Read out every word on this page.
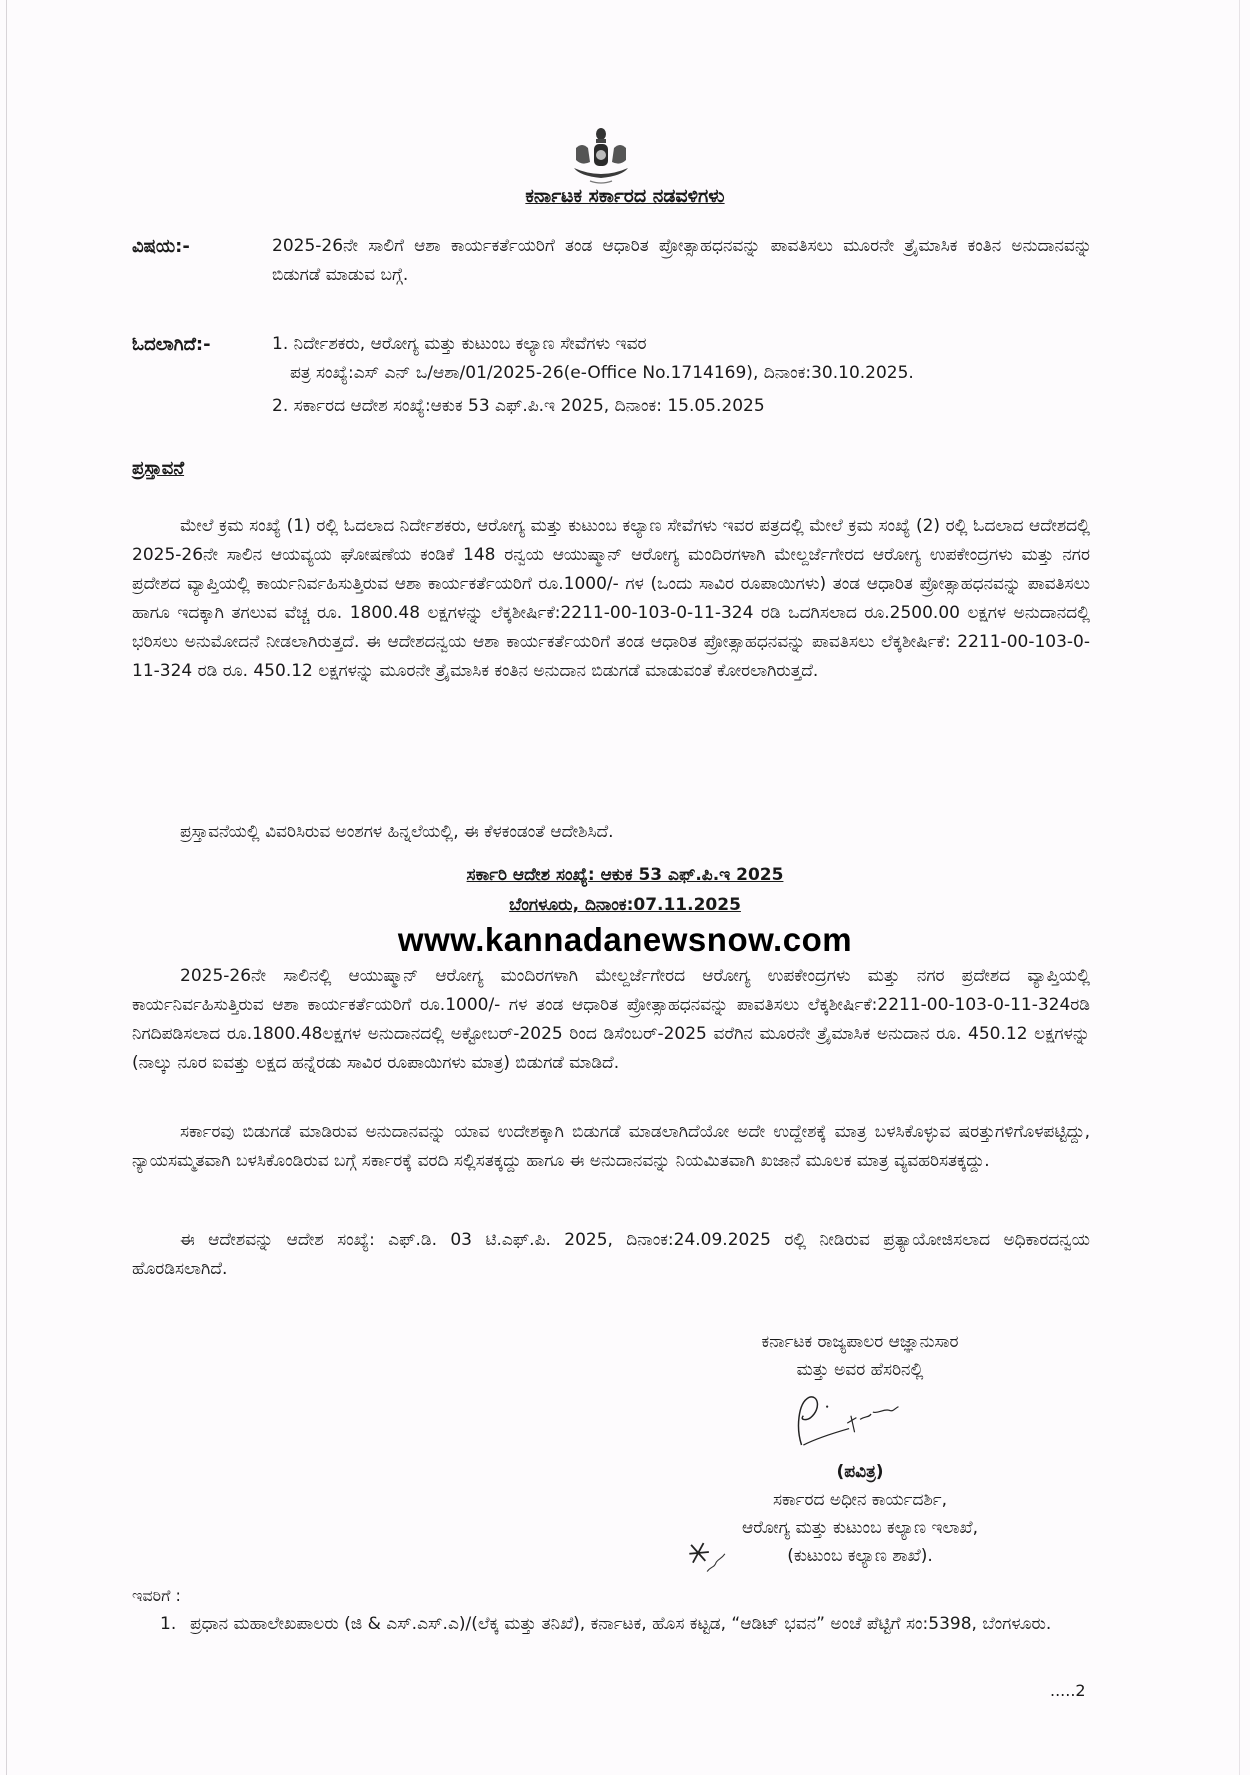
ಕರ್ನಾಟಕ ಸರ್ಕಾರದ ನಡವಳಿಗಳು
ವಿಷಯ:-	2025-26ನೇ ಸಾಲಿಗೆ ಆಶಾ ಕಾರ್ಯಕರ್ತೆಯರಿಗೆ ತಂಡ ಆಧಾರಿತ ಪ್ರೋತ್ಸಾಹಧನವನ್ನು ಪಾವತಿಸಲು ಮೂರನೇ ತ್ರೈಮಾಸಿಕ ಕಂತಿನ ಅನುದಾನವನ್ನು ಬಿಡುಗಡೆ ಮಾಡುವ ಬಗ್ಗೆ.
ಓದಲಾಗಿದೆ:-	1. ನಿರ್ದೇಶಕರು, ಆರೋಗ್ಯ ಮತ್ತು ಕುಟುಂಬ ಕಲ್ಯಾಣ ಸೇವೆಗಳು ಇವರ
ಪತ್ರ ಸಂಖ್ಯೆ:ಎಸ್ ಎನ್ ಒ/ಆಶಾ/01/2025-26(e-Office No.1714169), ದಿನಾಂಕ:30.10.2025.
2. ಸರ್ಕಾರದ ಆದೇಶ ಸಂಖ್ಯೆ:ಆಕುಕ 53 ಎಫ್.ಪಿ.ಇ 2025, ದಿನಾಂಕ: 15.05.2025
ಪ್ರಸ್ತಾವನೆ
ಮೇಲೆ ಕ್ರಮ ಸಂಖ್ಯೆ (1) ರಲ್ಲಿ ಓದಲಾದ ನಿರ್ದೇಶಕರು, ಆರೋಗ್ಯ ಮತ್ತು ಕುಟುಂಬ ಕಲ್ಯಾಣ ಸೇವೆಗಳು ಇವರ ಪತ್ರದಲ್ಲಿ ಮೇಲೆ ಕ್ರಮ ಸಂಖ್ಯೆ (2) ರಲ್ಲಿ ಓದಲಾದ ಆದೇಶದಲ್ಲಿ 2025-26ನೇ ಸಾಲಿನ ಆಯವ್ಯಯ ಘೋಷಣೆಯ ಕಂಡಿಕೆ 148 ರನ್ವಯ ಆಯುಷ್ಮಾನ್ ಆರೋಗ್ಯ ಮಂದಿರಗಳಾಗಿ ಮೇಲ್ದರ್ಜೆಗೇರದ ಆರೋಗ್ಯ ಉಪಕೇಂದ್ರಗಳು ಮತ್ತು ನಗರ ಪ್ರದೇಶದ ವ್ಯಾಪ್ತಿಯಲ್ಲಿ ಕಾರ್ಯನಿರ್ವಹಿಸುತ್ತಿರುವ ಆಶಾ ಕಾರ್ಯಕರ್ತೆಯರಿಗೆ ರೂ.1000/- ಗಳ (ಒಂದು ಸಾವಿರ ರೂಪಾಯಿಗಳು) ತಂಡ ಆಧಾರಿತ ಪ್ರೋತ್ಸಾಹಧನವನ್ನು ಪಾವತಿಸಲು ಹಾಗೂ ಇದಕ್ಕಾಗಿ ತಗಲುವ ವೆಚ್ಚ ರೂ. 1800.48 ಲಕ್ಷಗಳನ್ನು ಲೆಕ್ಕಶೀರ್ಷಿಕೆ:2211-00-103-0-11-324 ರಡಿ ಒದಗಿಸಲಾದ ರೂ.2500.00 ಲಕ್ಷಗಳ ಅನುದಾನದಲ್ಲಿ ಭರಿಸಲು ಅನುಮೋದನೆ ನೀಡಲಾಗಿರುತ್ತದೆ. ಈ ಆದೇಶದನ್ವಯ ಆಶಾ ಕಾರ್ಯಕರ್ತೆಯರಿಗೆ ತಂಡ ಆಧಾರಿತ ಪ್ರೋತ್ಸಾಹಧನವನ್ನು ಪಾವತಿಸಲು ಲೆಕ್ಕಶೀರ್ಷಿಕೆ: 2211-00-103-0-11-324 ರಡಿ ರೂ. 450.12 ಲಕ್ಷಗಳನ್ನು ಮೂರನೇ ತ್ರೈಮಾಸಿಕ ಕಂತಿನ ಅನುದಾನ ಬಿಡುಗಡೆ ಮಾಡುವಂತೆ ಕೋರಲಾಗಿರುತ್ತದೆ.
ಪ್ರಸ್ತಾವನೆಯಲ್ಲಿ ವಿವರಿಸಿರುವ ಅಂಶಗಳ ಹಿನ್ನಲೆಯಲ್ಲಿ, ಈ ಕೆಳಕಂಡಂತೆ ಆದೇಶಿಸಿದೆ.
ಸರ್ಕಾರಿ ಆದೇಶ ಸಂಖ್ಯೆ: ಆಕುಕ 53 ಎಫ್.ಪಿ.ಇ 2025
ಬೆಂಗಳೂರು, ದಿನಾಂಕ:07.11.2025
www.kannadanewsnow.com
2025-26ನೇ ಸಾಲಿನಲ್ಲಿ ಆಯುಷ್ಮಾನ್ ಆರೋಗ್ಯ ಮಂದಿರಗಳಾಗಿ ಮೇಲ್ದರ್ಜೆಗೇರದ ಆರೋಗ್ಯ ಉಪಕೇಂದ್ರಗಳು ಮತ್ತು ನಗರ ಪ್ರದೇಶದ ವ್ಯಾಪ್ತಿಯಲ್ಲಿ ಕಾರ್ಯನಿರ್ವಹಿಸುತ್ತಿರುವ ಆಶಾ ಕಾರ್ಯಕರ್ತೆಯರಿಗೆ ರೂ.1000/- ಗಳ ತಂಡ ಆಧಾರಿತ ಪ್ರೋತ್ಸಾಹಧನವನ್ನು ಪಾವತಿಸಲು ಲೆಕ್ಕಶೀರ್ಷಿಕೆ:2211-00-103-0-11-324ರಡಿ ನಿಗದಿಪಡಿಸಲಾದ ರೂ.1800.48ಲಕ್ಷಗಳ ಅನುದಾನದಲ್ಲಿ ಅಕ್ಟೋಬರ್-2025 ರಿಂದ ಡಿಸೆಂಬರ್-2025 ವರೆಗಿನ ಮೂರನೇ ತ್ರೈಮಾಸಿಕ ಅನುದಾನ ರೂ. 450.12 ಲಕ್ಷಗಳನ್ನು (ನಾಲ್ಕು ನೂರ ಐವತ್ತು ಲಕ್ಷದ ಹನ್ನೆರಡು ಸಾವಿರ ರೂಪಾಯಿಗಳು ಮಾತ್ರ) ಬಿಡುಗಡೆ ಮಾಡಿದೆ.
ಸರ್ಕಾರವು ಬಿಡುಗಡೆ ಮಾಡಿರುವ ಅನುದಾನವನ್ನು ಯಾವ ಉದೇಶಕ್ಕಾಗಿ ಬಿಡುಗಡೆ ಮಾಡಲಾಗಿದೆಯೋ ಅದೇ ಉದ್ದೇಶಕ್ಕೆ ಮಾತ್ರ ಬಳಸಿಕೊಳ್ಳುವ ಷರತ್ತುಗಳಿಗೊಳಪಟ್ಟಿದ್ದು, ನ್ಯಾಯಸಮ್ಮತವಾಗಿ ಬಳಸಿಕೊಂಡಿರುವ ಬಗ್ಗೆ ಸರ್ಕಾರಕ್ಕೆ ವರದಿ ಸಲ್ಲಿಸತಕ್ಕದ್ದು ಹಾಗೂ ಈ ಅನುದಾನವನ್ನು ನಿಯಮಿತವಾಗಿ ಖಜಾನೆ ಮೂಲಕ ಮಾತ್ರ ವ್ಯವಹರಿಸತಕ್ಕದ್ದು.
ಈ ಆದೇಶವನ್ನು ಆದೇಶ ಸಂಖ್ಯೆ: ಎಫ್.ಡಿ. 03 ಟಿ.ಎಫ್.ಪಿ. 2025, ದಿನಾಂಕ:24.09.2025 ರಲ್ಲಿ ನೀಡಿರುವ ಪ್ರತ್ಯಾಯೋಜಿಸಲಾದ ಅಧಿಕಾರದನ್ವಯ ಹೊರಡಿಸಲಾಗಿದೆ.
ಕರ್ನಾಟಕ ರಾಜ್ಯಪಾಲರ ಆಜ್ಞಾನುಸಾರ
ಮತ್ತು ಅವರ ಹೆಸರಿನಲ್ಲಿ
(ಪವಿತ್ರ)
ಸರ್ಕಾರದ ಅಧೀನ ಕಾರ್ಯದರ್ಶಿ,
ಆರೋಗ್ಯ ಮತ್ತು ಕುಟುಂಬ ಕಲ್ಯಾಣ ಇಲಾಖೆ,
(ಕುಟುಂಬ ಕಲ್ಯಾಣ ಶಾಖೆ).
ಇವರಿಗೆ :
1. ಪ್ರಧಾನ ಮಹಾಲೇಖಪಾಲರು (ಜಿ & ಎಸ್.ಎಸ್.ಎ)/(ಲೆಕ್ಕ ಮತ್ತು ತನಿಖೆ), ಕರ್ನಾಟಕ, ಹೊಸ ಕಟ್ಟಡ, “ಆಡಿಟ್ ಭವನ” ಅಂಚೆ ಪೆಟ್ಟಿಗೆ ಸಂ:5398, ಬೆಂಗಳೂರು.
.....2
